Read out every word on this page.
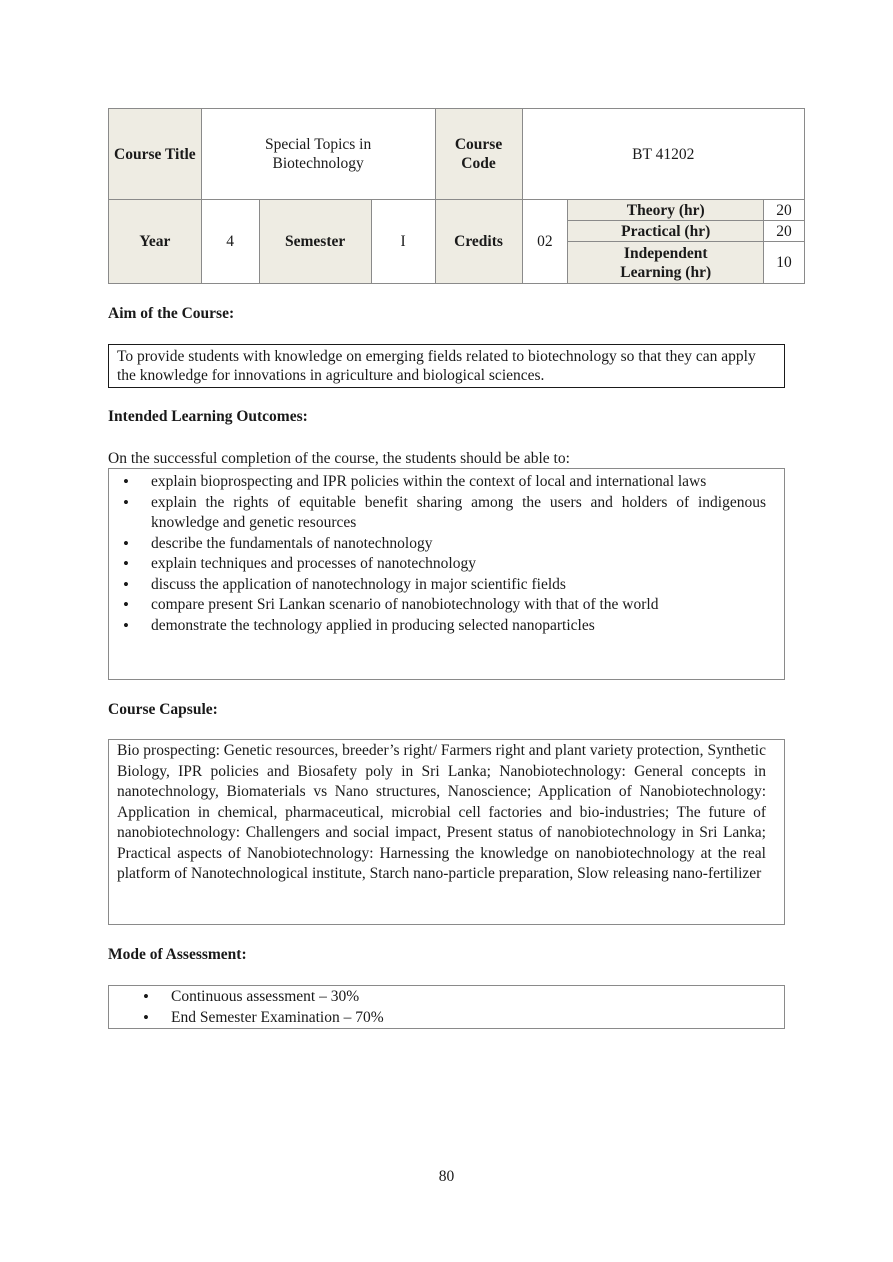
Course Title	Special Topics in Biotechnology			Course Code	BT 41202		
Year	4	Semester	I	Credits	02	Theory (hr)	20
						Practical (hr)	20
						Independent Learning (hr)	10
Aim of the Course:
To provide students with knowledge on emerging fields related to biotechnology so that they can apply the knowledge for innovations in agriculture and biological sciences.
Intended Learning Outcomes:
On the successful completion of the course, the students should be able to:
• explain bioprospecting and IPR policies within the context of local and international laws
• explain the rights of equitable benefit sharing among the users and holders of indigenous knowledge and genetic resources
• describe the fundamentals of nanotechnology
• explain techniques and processes of nanotechnology
• discuss the application of nanotechnology in major scientific fields
• compare present Sri Lankan scenario of nanobiotechnology with that of the world
• demonstrate the technology applied in producing selected nanoparticles
Course Capsule:
Bio prospecting: Genetic resources, breeder’s right/ Farmers right and plant variety protection, Synthetic Biology, IPR policies and Biosafety poly in Sri Lanka; Nanobiotechnology: General concepts in nanotechnology, Biomaterials vs Nano structures, Nanoscience; Application of Nanobiotechnology: Application in chemical, pharmaceutical, microbial cell factories and bio-industries; The future of nanobiotechnology: Challengers and social impact, Present status of nanobiotechnology in Sri Lanka; Practical aspects of Nanobiotechnology: Harnessing the knowledge on nanobiotechnology at the real platform of Nanotechnological institute, Starch nano-particle preparation, Slow releasing nano-fertilizer
Mode of Assessment:
• Continuous assessment – 30%
• End Semester Examination – 70%
80
